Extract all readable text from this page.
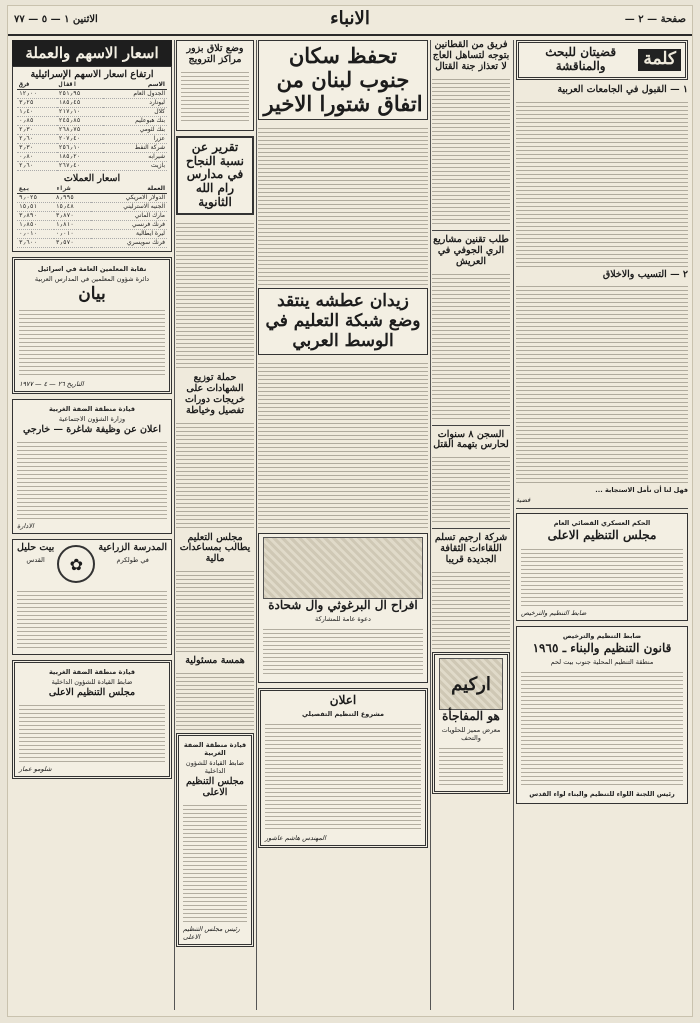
صفحة — ٢ —
الانباء
الاثنين ١ — ٥ — ٧٧
كلمة
قضيتان للبحث والمناقشة
١ — القبول في الجامعات العربية
٢ — التسيب والاخلاق
فهل لنا أن نأمل الاستجابة ...
قضية
الحكم العسكري القضائي العام
مجلس التنظيم الاعلى
ضابط التنظيم والترخيص
ضابط التنظيم والترخيص
قانون التنظيم والبناء ـ ١٩٦٥
منطقة التنظيم المحلية جنوب بيت لحم
رئيس اللجنة اللواء للتنظيم والبناء لواء القدس
فريق من القطانين بتوجه لتساهل العاج لا تعذاز جنة القتال
طلب تقنين مشاريع الري الجوفي في العريش
السجن ٨ سنوات لحارس بتهمة القتل
شركة ارجيم تسلم اللقاءات الثقافة الجديدة قريبا
اركيم
هو المفاجأة
معرض مميز للحلويات والتحف
تحفظ سكان جنوب لبنان من اتفاق شتورا الاخير
زيدان عطشه ينتقد وضع شبكة التعليم في الوسط العربي
افراح ال البرغوثي وال شحادة
دعوة عامة للمشاركة
اعلان
مشروع التنظيم التفصيلي
المهندس هاشم عاشور
وضع تلاق بزور مراكز الترويج
تقرير عن نسبة النجاح في مدارس رام الله الثانوية
حملة توزيع الشهادات على خريجات دورات تفصيل وخياطة
مجلس التعليم يطالب بمساعدات مالية
همسة مسئولية
قيادة منطقة الضفة الغربية
ضابط القيادة للشؤون الداخلية
مجلس التنظيم الاعلى
رئيس مجلس التنظيم الاعلى
اسعار الاسهم والعملة
ارتفاع اسعار الاسهم الإسرائيلية
الاسم	اقفال	فرق
الجدول العام	٢٥١٫٩٥	١٢٫٠٠
ليونارد	١٨٥٫٤٥	٣٫٢٥
كلال	٢١٧٫١٠	١٫٤٠
بنك هبوعليم	٢٤٥٫٨٥	٠٫٨٥
بنك لئومي	٢٦٨٫٧٥	٢٫٣٠
عزرا	٢٠٧٫٤٠	٢٫٦٠
شركة النفط	٢٥٦٫١٠	٣٫٣٠
شيرابه	١٨٥٫٢٠	٠٫٨٠
بازيت	٢٦٧٫٤٠	٢٫٦٠
اسعار العملات
العملة	شراء	بيع
الدولار الامريكي	٨٫٩٩٥	٩٫٠٢٥
الجنيه الاسترليني	١٥٫٤٨	١٥٫٥١
مارك الماني	٣٫٨٧٠	٣٫٨٩٠
فرنك فرنسي	١٫٨١٠	١٫٨٥٠
ليرة ايطالية	٠٫٠١٠	٠٫٠١٠
فرنك سويسري	٣٫٥٧٠	٣٫٦٠٠
نقابة المعلمين العامة في اسرائيل
دائرة شؤون المعلمين في المدارس العربية
بيان
التاريخ ٢٦ — ٤ — ١٩٧٧
قيادة منطقة الضفة الغربية
وزارة الشؤون الاجتماعية
اعلان عن وظيفة شاغرة — خارجي
الادارة
المدرسة الزراعية
في طولكرم
✿
بيت حليل
القدس
قيادة منطقة الضفة الغربية
ضابط القيادة للشؤون الداخلية
مجلس التنظيم الاعلى
شلومو عمار
